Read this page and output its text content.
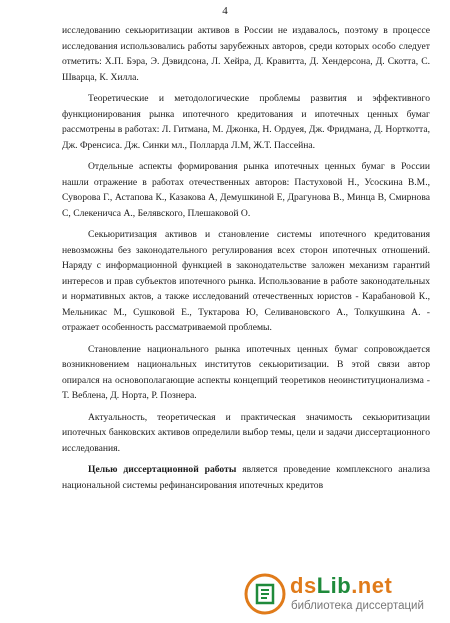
4

исследованию секьюритизации активов в России не издавалось, поэтому в процессе исследования использовались работы зарубежных авторов, среди которых особо следует отметить: Х.П. Бэра, Э. Дэвидсона, Л. Хейра, Д. Кравитта, Д. Хендерсона, Д. Скотта, С. Шварца, К. Хилла.

Теоретические и методологические проблемы развития и эффективного функционирования рынка ипотечного кредитования и ипотечных ценных бумаг рассмотрены в работах: Л. Гитмана, М. Джонка, Н. Ордуея, Дж. Фридмана, Д. Норткотта, Дж. Френсиса. Дж. Синки мл., Полларда Л.М, Ж.Т. Пассейна.

Отдельные аспекты формирования рынка ипотечных ценных бумаг в России нашли отражение в работах отечественных авторов: Пастуховой Н., Усоскина В.М., Суворова Г., Астапова К., Казакова А, Демушкиной Е, Драгунова В., Минца В, Смирнова С, Слекеничса А., Белявского, Плешаковой О.

Секьюритизация активов и становление системы ипотечного кредитования невозможны без законодательного регулирования всех сторон ипотечных отношений. Наряду с информационной функцией в законодательстве заложен механизм гарантий интересов и прав субъектов ипотечного рынка. Использование в работе законодательных и нормативных актов, а также исследований отечественных юристов - Карабановой К., Мельникас М., Сушковой Е., Туктарова Ю, Селивановского А., Толкушкина А. - отражает особенность рассматриваемой проблемы.

Становление национального рынка ипотечных ценных бумаг сопровождается возникновением национальных институтов секьюритизации. В этой связи автор опирался на основополагающие аспекты концепций теоретиков неоинституционализма - Т. Веблена, Д. Норта, Р. Познера.

Актуальность, теоретическая и практическая значимость секьюритизации ипотечных банковских активов определили выбор темы, цели и задачи диссертационного исследования.

Целью диссертационной работы является проведение комплексного анализа национальной системы рефинансирования ипотечных кредитов

dsLib.net
библиотека диссертаций
